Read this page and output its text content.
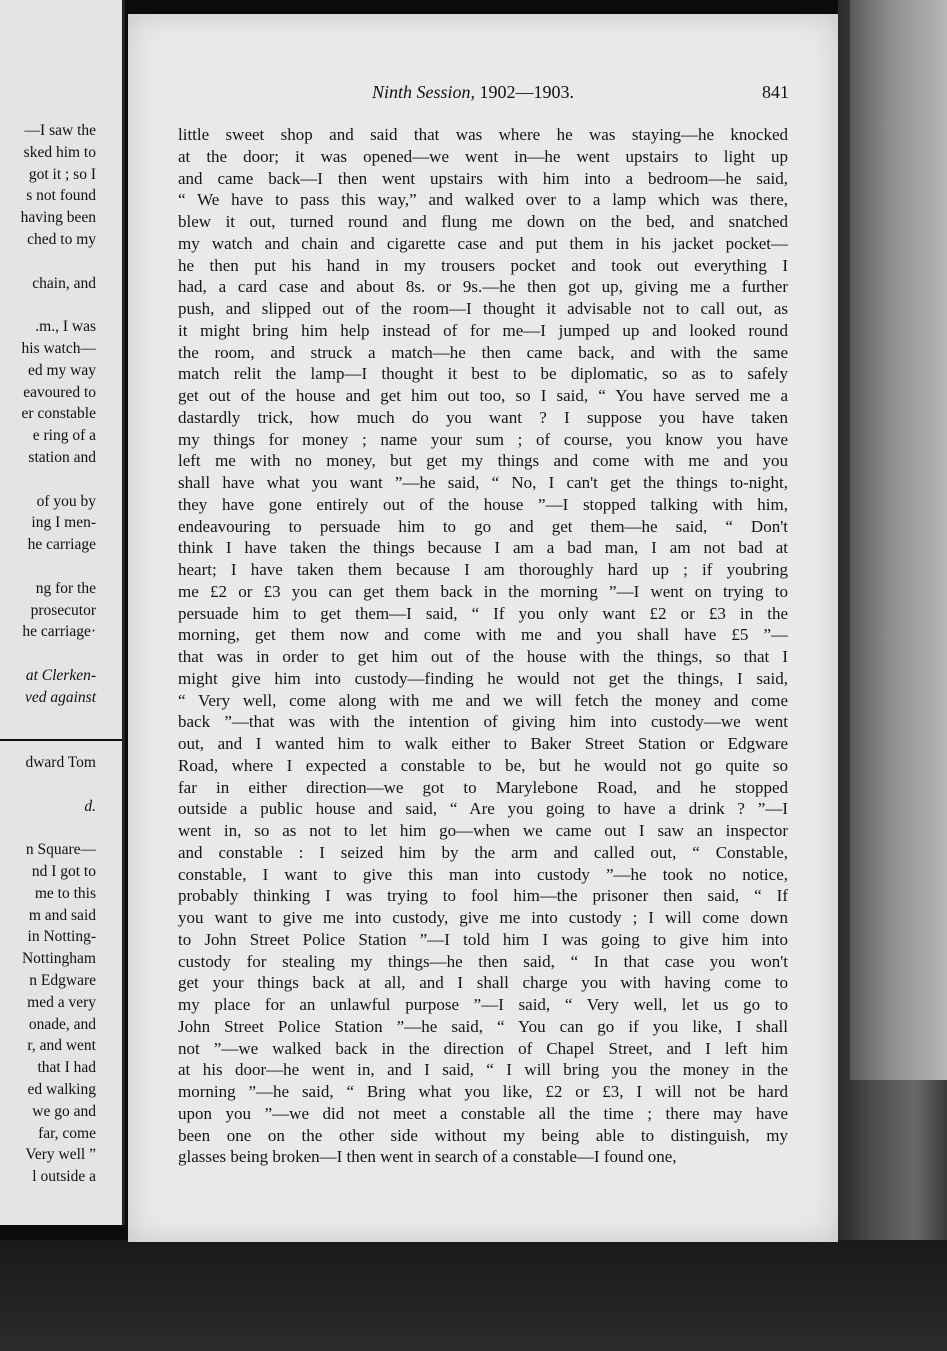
—I saw the
sked him to
got it ; so I
s not found
having been
ched to my
chain, and
.m., I was
his watch—
ed my way
eavoured to
er constable
e ring of a
station and
of you by
ing I men-
he carriage
ng for the
prosecutor
he carriage·
at Clerken-
ved against
dward Tom
d.
n Square—
nd I got to
me to this
m and said
in Notting-
Nottingham
n Edgware
med a very
onade, and
r, and went
that I had
ed walking
we go and
far, come
Very well ”
l outside a
Ninth Session, 1902—1903.	841
little sweet shop and said that was where he was staying—he knocked
at the door; it was opened—we went in—he went upstairs to light up
and came back—I then went upstairs with him into a bedroom—he said,
“ We have to pass this way,” and walked over to a lamp which was there,
blew it out, turned round and flung me down on the bed, and snatched
my watch and chain and cigarette case and put them in his jacket pocket—
he then put his hand in my trousers pocket and took out everything I
had, a card case and about 8s. or 9s.—he then got up, giving me a further
push, and slipped out of the room—I thought it advisable not to call out, as
it might bring him help instead of for me—I jumped up and looked round
the room, and struck a match—he then came back, and with the same
match relit the lamp—I thought it best to be diplomatic, so as to safely
get out of the house and get him out too, so I said, “ You have served me a
dastardly trick, how much do you want ? I suppose you have taken
my things for money ; name your sum ; of course, you know you have
left me with no money, but get my things and come with me and you
shall have what you want ”—he said, “ No, I can't get the things to-night,
they have gone entirely out of the house ”—I stopped talking with him,
endeavouring to persuade him to go and get them—he said, “ Don't
think I have taken the things because I am a bad man, I am not bad at
heart; I have taken them because I am thoroughly hard up ; if youbring
me £2 or £3 you can get them back in the morning ”—I went on trying to
persuade him to get them—I said, “ If you only want £2 or £3 in the
morning, get them now and come with me and you shall have £5 ”—
that was in order to get him out of the house with the things, so that I
might give him into custody—finding he would not get the things, I said,
“ Very well, come along with me and we will fetch the money and come
back ”—that was with the intention of giving him into custody—we went
out, and I wanted him to walk either to Baker Street Station or Edgware
Road, where I expected a constable to be, but he would not go quite so
far in either direction—we got to Marylebone Road, and he stopped
outside a public house and said, “ Are you going to have a drink ? ”—I
went in, so as not to let him go—when we came out I saw an inspector
and constable : I seized him by the arm and called out, “ Constable,
constable, I want to give this man into custody ”—he took no notice,
probably thinking I was trying to fool him—the prisoner then said, “ If
you want to give me into custody, give me into custody ; I will come down
to John Street Police Station ”—I told him I was going to give him into
custody for stealing my things—he then said, “ In that case you won't
get your things back at all, and I shall charge you with having come to
my place for an unlawful purpose ”—I said, “ Very well, let us go to
John Street Police Station ”—he said, “ You can go if you like, I shall
not ”—we walked back in the direction of Chapel Street, and I left him
at his door—he went in, and I said, “ I will bring you the money in the
morning ”—he said, “ Bring what you like, £2 or £3, I will not be hard
upon you ”—we did not meet a constable all the time ; there may have
been one on the other side without my being able to distinguish, my
glasses being broken—I then went in search of a constable—I found one,
